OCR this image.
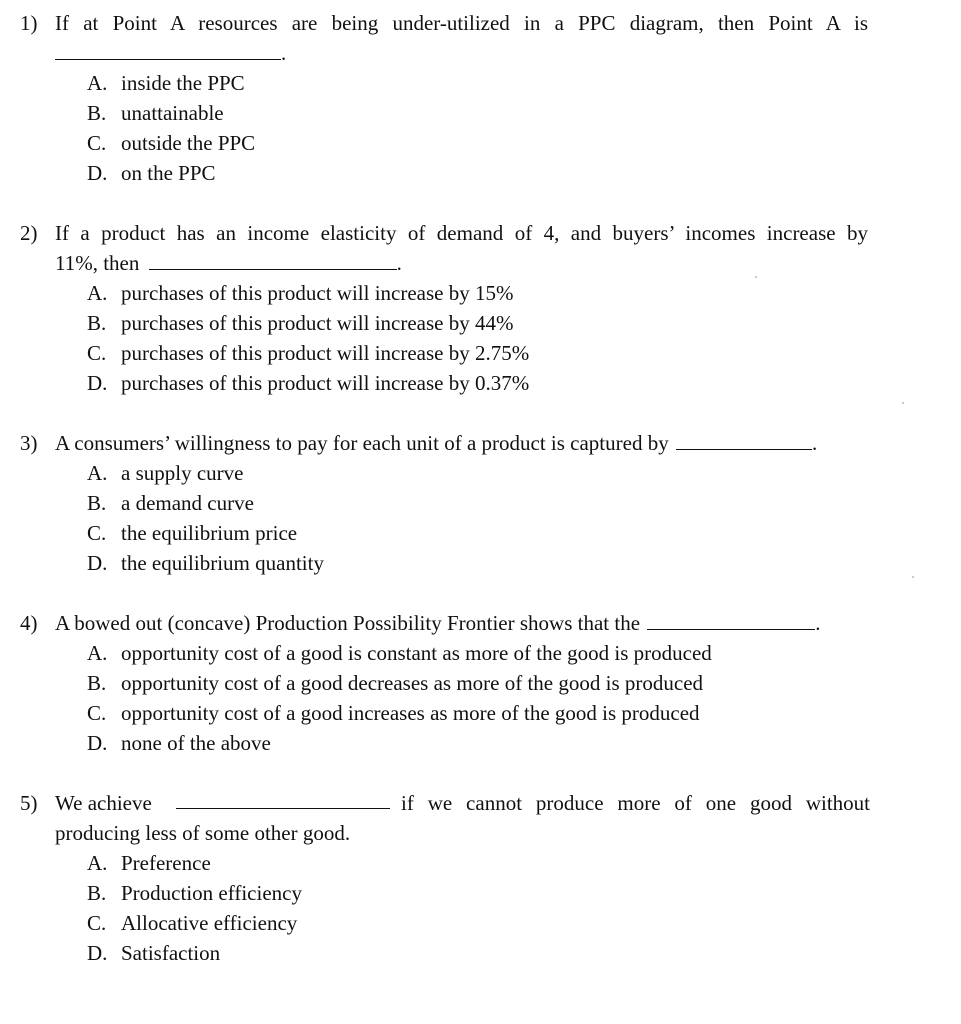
1) If at Point A resources are being under-utilized in a PPC diagram, then Point A is
.
A. inside the PPC
B. unattainable
C. outside the PPC
D. on the PPC
2) If a product has an income elasticity of demand of 4, and buyers’ incomes increase by
11%, then	.
A. purchases of this product will increase by 15%
B. purchases of this product will increase by 44%
C. purchases of this product will increase by 2.75%
D. purchases of this product will increase by 0.37%
3) A consumers’ willingness to pay for each unit of a product is captured by	.
A. a supply curve
B. a demand curve
C. the equilibrium price
D. the equilibrium quantity
4) A bowed out (concave) Production Possibility Frontier shows that the	.
A. opportunity cost of a good is constant as more of the good is produced
B. opportunity cost of a good decreases as more of the good is produced
C. opportunity cost of a good increases as more of the good is produced
D. none of the above
5) We achieve	if we cannot produce more of one good without
producing less of some other good.
A. Preference
B. Production efficiency
C. Allocative efficiency
D. Satisfaction
